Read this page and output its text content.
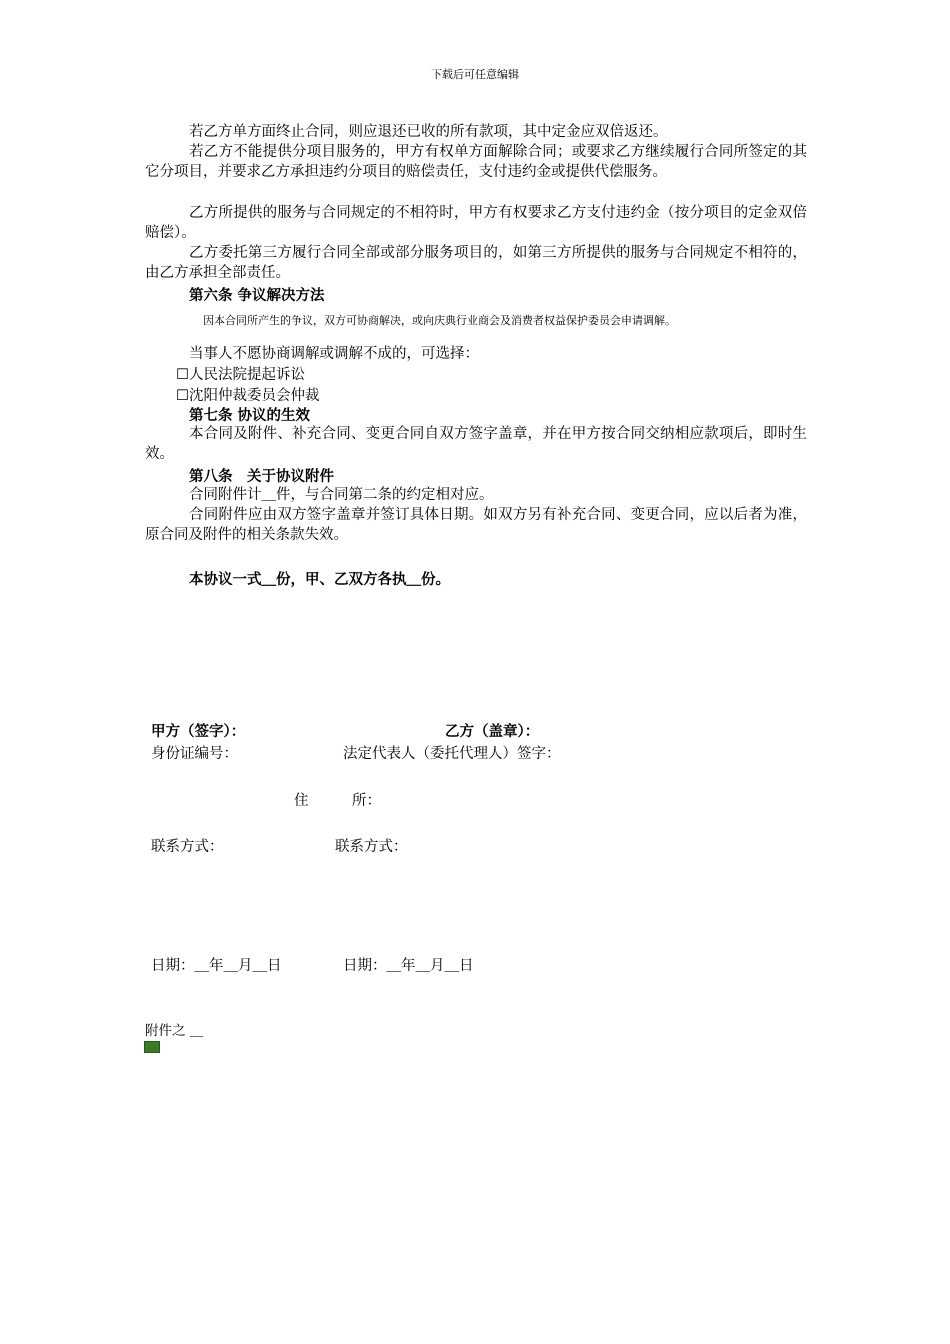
下载后可任意编辑
若乙方单方面终止合同，则应退还已收的所有款项，其中定金应双倍返还。
若乙方不能提供分项目服务的，甲方有权单方面解除合同；或要求乙方继续履行合同所签定的其它分项目，并要求乙方承担违约分项目的赔偿责任，支付违约金或提供代偿服务。
乙方所提供的服务与合同规定的不相符时，甲方有权要求乙方支付违约金（按分项目的定金双倍赔偿）。
乙方委托第三方履行合同全部或部分服务项目的，如第三方所提供的服务与合同规定不相符的，由乙方承担全部责任。
第六条 争议解决方法
因本合同所产生的争议，双方可协商解决，或向庆典行业商会及消费者权益保护委员会申请调解。
当事人不愿协商调解或调解不成的，可选择：
☐人民法院提起诉讼
☐沈阳仲裁委员会仲裁
第七条 协议的生效
本合同及附件、补充合同、变更合同自双方签字盖章，并在甲方按合同交纳相应款项后，即时生效。
第八条　关于协议附件
合同附件计＿件，与合同第二条的约定相对应。
合同附件应由双方签字盖章并签订具体日期。如双方另有补充合同、变更合同，应以后者为准，原合同及附件的相关条款失效。
本协议一式＿份，甲、乙双方各执＿份。
甲方（签字）：	乙方（盖章）：
身份证编号：	法定代表人（委托代理人）签字：
住　　　所：
联系方式：	联系方式：
日期：＿年＿月＿日	日期：＿年＿月＿日
附件之 ＿
